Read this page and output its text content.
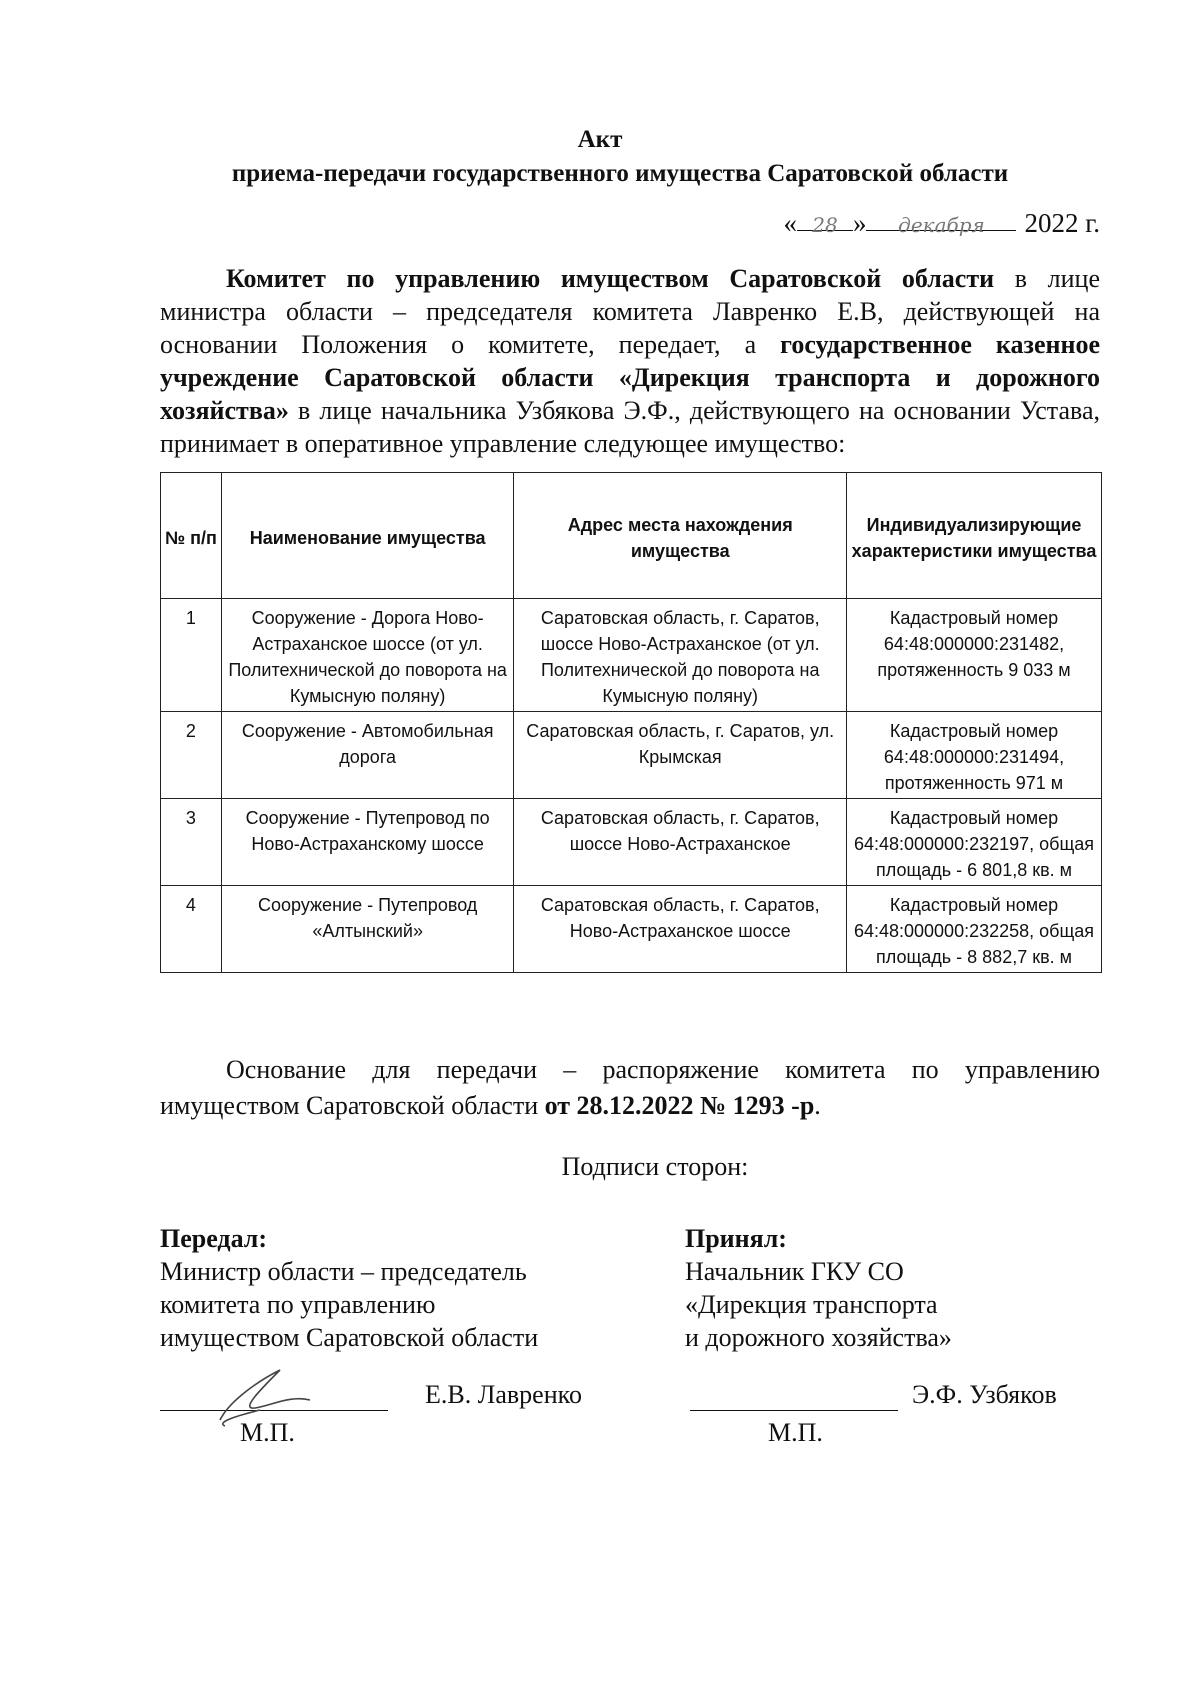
Акт
приема-передачи государственного имущества Саратовской области
« 28 » декабря 2022 г.
Комитет по управлению имуществом Саратовской области в лице министра области – председателя комитета Лавренко Е.В, действующей на основании Положения о комитете, передает, а государственное казенное учреждение Саратовской области «Дирекция транспорта и дорожного хозяйства» в лице начальника Узбякова Э.Ф., действующего на основании Устава, принимает в оперативное управление следующее имущество:
№ п/п	Наименование имущества	Адрес места нахождения имущества	Индивидуализирующие характеристики имущества
1	Сооружение - Дорога Ново-Астраханское шоссе (от ул. Политехнической до поворота на Кумысную поляну)	Саратовская область, г. Саратов, шоссе Ново-Астраханское (от ул. Политехнической до поворота на Кумысную поляну)	Кадастровый номер 64:48:000000:231482, протяженность 9 033 м
2	Сооружение - Автомобильная дорога	Саратовская область, г. Саратов, ул. Крымская	Кадастровый номер 64:48:000000:231494, протяженность 971 м
3	Сооружение - Путепровод по Ново-Астраханскому шоссе	Саратовская область, г. Саратов, шоссе Ново-Астраханское	Кадастровый номер 64:48:000000:232197, общая площадь - 6 801,8 кв. м
4	Сооружение - Путепровод «Алтынский»	Саратовская область, г. Саратов, Ново-Астраханское шоссе	Кадастровый номер 64:48:000000:232258, общая площадь - 8 882,7 кв. м
Основание для передачи – распоряжение комитета по управлению имуществом Саратовской области от 28.12.2022 № 1293 -р.
Подписи сторон:
Передал:
Министр области – председатель
комитета по управлению
имуществом Саратовской области
Принял:
Начальник ГКУ СО
«Дирекция транспорта
и дорожного хозяйства»
Е.В. Лавренко
М.П.
Э.Ф. Узбяков
М.П.
